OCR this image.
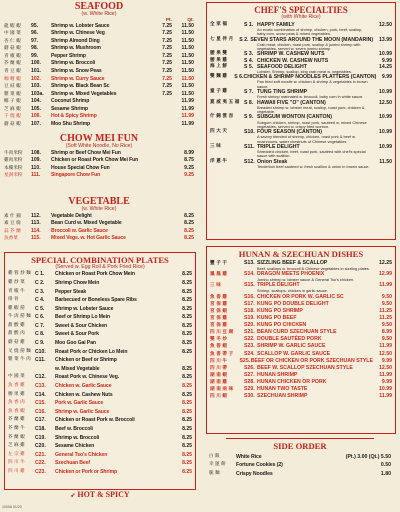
SEAFOOD
(w. White Rice)
Pt.	Qt.
龍 蝦 蝦	95.	Shrimp w. Lobster Sauce	7.25	11.50
中 國 菜	96.	Shrimp w. Chinese Veg	7.25	11.50
杏 仁 蝦	97.	Shrimp Almond Ding	7.25	11.50
蘑 菇 蝦	98.	Shrimp w. Mushroom	7.25	11.50
青 椒 蝦	99.	Pepper Shrimp	7.25	11.50
芥 蘭 蝦	100.	Shrimp w. Broccoli	7.25	11.50
青 豆 蝦	101.	Shrimp w. Snow Peas	7.25	11.50
咖 喱 蝦	102.	Shrimp w. Curry Sauce	7.25	11.50
豆 豉 蝦	103.	Shrimp w. Black Bean Sc	7.25	11.50
雜 菜 蝦	103a.	Shrimp w. Mixed Vegetables	7.25	11.50
椰 子 蝦	104.	Coconut Shrimp	11.99
芝 麻 蝦	105.	Sesame Shrimp	11.99
干 燒 蝦	106.	Hot & Spicy Shrimp	11.99
蘑 菇 蝦	107.	Moo Shu Shrimp	11.99
CHOW MEI FUN
(Soft White Noodle, No Rice)
牛肉米粉	108.	Shrimp or Beef Chow Mei Fun	8.99
雞肉米粉	109.	Chicken or Roast Pork Chow Mei Fun	8.75
本樓米粉	110.	House Special Chow Fun	9.25
星洲米粉	111.	Singapore Chow Fun	9.25
VEGETABLE
(w. White Rice)
素 什 錦	112.	Vegetable Delight	8.25
素 豆 腐	113.	Bean Curd w. Mixed Vegetable	8.25
蒜 芥 蘭	114.	Broccoli w. Garlic Sauce	8.25
魚香菜	115.	Mixed Vegs. w. Hot Garlic Sauce	8.25
SPECIAL COMBINATION PLATES
(Served w. Egg Roll & Pork Fried Rice)
雞 蓉 炒 麵 C 1.	Chicken or Roast Pork Chow Mein	8.25
雞 炒 菜	C 2.	Shrimp Chow Mein	8.25
青 椒 牛	C 3.	Pepper Steak	8.25
排 骨	C 4.	Barbecued or Boneless Spare Ribs	8.25
雞 蝦 撈	C 5.	Shrimp w. Lobster Sauce	8.25
牛 肉 撈 麵 C 6.	Beef or Shrimp Lo Mein	8.25
甜 酸 雞	C 7.	Sweet & Sour Chicken	8.25
甜 酸 肉	C 8.	Sweet & Sour Pork	8.25
蘑 菇 雞	C 9.	Moo Goo Gai Pan	8.25
叉 燒 撈 麵 C10.	Roast Pork or Chicken Lo Mein	8.25
雜 菜 牛 肉 C11.	Chicken or Beef or Shrimp
w. Mixed Vegetable	8.25
中 國 菜	C12.	Roast Pork w. Chinese Veg.	8.25
魚 香 雞	C13.	Chicken w. Garlic Sauce	8.25
腰 果 雞	C14.	Chicken w. Cashew Nuts	8.25
魚 香 肉	C15.	Pork w. Garlic Sauce	8.25
魚 香 蝦	C16.	Shrimp w. Garlic Sauce	8.25
芥 蘭 雞	C17.	Chicken or Roast Pork w. Broccoli	8.25
芥 蘭 牛	C18.	Beef w. Broccoli	8.25
芥 蘭 蝦	C19.	Shrimp w. Broccoli	8.25
芝 麻 雞	C20.	Sesame Chicken	8.25
左 宗 雞	C21.	General Tso's Chicken	8.25
四 川 牛	C22.	Szechuan Beef	8.25
四 川 雞	C23.	Chicken or Pork or Shrimp	8.25
➶ HOT & SPICY
1000A 01/20
CHEF'S SPECIALTIES
(with White Rice)
全 家 福	S 1. HAPPY FAMILY	12.50
An exotic combination of shrimp, chicken, pork, beef, scallop, baby corn, snow peas & mixed vegetables.
七 星 伴 月	S 2. SEVEN STARS AROUND THE MOON (MANDARIN)	13.99
Crab meat, chicken, roast pork, scallop & jumbo shrimp with vegetables, served w. seven jumbo shrimp
腰 果 雙	S 3. SHRIMP W. CASHEW NUTS	10.99
腰 果 雞	S 4. CHICKEN W. CASHEW NUTS	9.99
海 上 鮮	S 5. SEAFOOD DELIGHT	14.25
Lobster, Shrimp, scallop, king crab meat w. vegetables.
雙 麵 雞	S 6. CHICKEN & SHRIMP NOODLES PLATTERS (CANTON)	9.99
Pan fried soft noodle w. chicken & shrimp & vegetables in brown sauce.
童 子 雞	S 7. TUNG TING SHRIMP	10.99
Fresh shrimp marinated w. broccoli, baby corn in white sauce.
夏 威 夷 五 福 S 8. HAWAII FIVE "O" (CANTON)	12.50
Breaded shrimp w. lobster meat, scallop, roast pork, chicken & vegetable.
什 錦 雲 吞	S 9. SUBGUM WONTON (CANTON)	10.99
Subgum chicken, shrimp, roast pork, sautéed w. mixed Chinese vegetables, served w. crispy fried wonton.
四 大 天	S10. FOUR SEASON (CANTON)	10.99
A savory blended of shrimp, chicken, roast pork & beef w. mushrooms, water chestnuts of Chinese vegetables.
三 味	S11. TRIPLE DELIGHT	10.99
Shredded chicken, beef, roast pork, sautéed with chef's special sauce with scallion.
洋 蔥 牛	S12. Onion Steak	11.50
Tenderloin beef sauteed w. fresh scallion & onion in brown sauce.
HUNAN & SZECHUAN DISHES
豐 子 干	S13. SIZZLING BEEF & SCALLOP	12.25
Beef, scallops w. broccoli & Chinese vegetables in sizzling plates.
鳳 凰 雞	S14. DRAGON MEETS PHOENIX	12.99
Jumbo shrimp w. lobster sauce & General Tso's chicken.
三 味	S15. TRIPLE DELIGHT	11.99
Shrimp, scallops, chicken in garlic sauce.
魚 香 雞	S16. CHICKEN OR PORK W. GARLIC SC	9.50
宮 保 雞	S17. KUNG PO DOUBLE DELIGHT	9.50
宮 保 蝦	S18. KUNG PO SHRIMP	11.25
宮 保 雞	S19. KUNG PO BEEF	11.25
宮 保 雞	S20. KUNG PO CHICKEN	9.50
四 川 豆 腐	S21. BEAN CURD SZECHUAN STYLE	8.99
雙 冬 炒	S22. DOUBLE SAUTÉED PORK	9.50
魚 香 蝦	S23. SHRIMP W. GARLIC SAUCE	11.99
魚 香 帶 子	S24. SCALLOP W. GARLIC SAUCE	12.50
四 川 牛	S25. BEEF OR CHICKEN OR PORK SZECHUAN STYLE	9.99
四 川 帶	S26. BEEF W. SCALLOP SZECHUAN STYLE	12.50
湖 南 蝦	S27. HUNAN SHRIMP	11.99
湖 南 雞	S28. HUNAN CHICKEN OR PORK	9.99
湖 南 兩 味	S29. HUNAN TWO TASTE	10.99
四 川 蝦	S30. SZECHUAN SHRIMP	11.99
SIDE ORDER
白 飯	White Rice	(Pt.) 3.00 (Qt.) 5.50
幸 運 餅	Fortune Cookies (2)	0.50
脆 麵	Crispy Noodles	1.80
